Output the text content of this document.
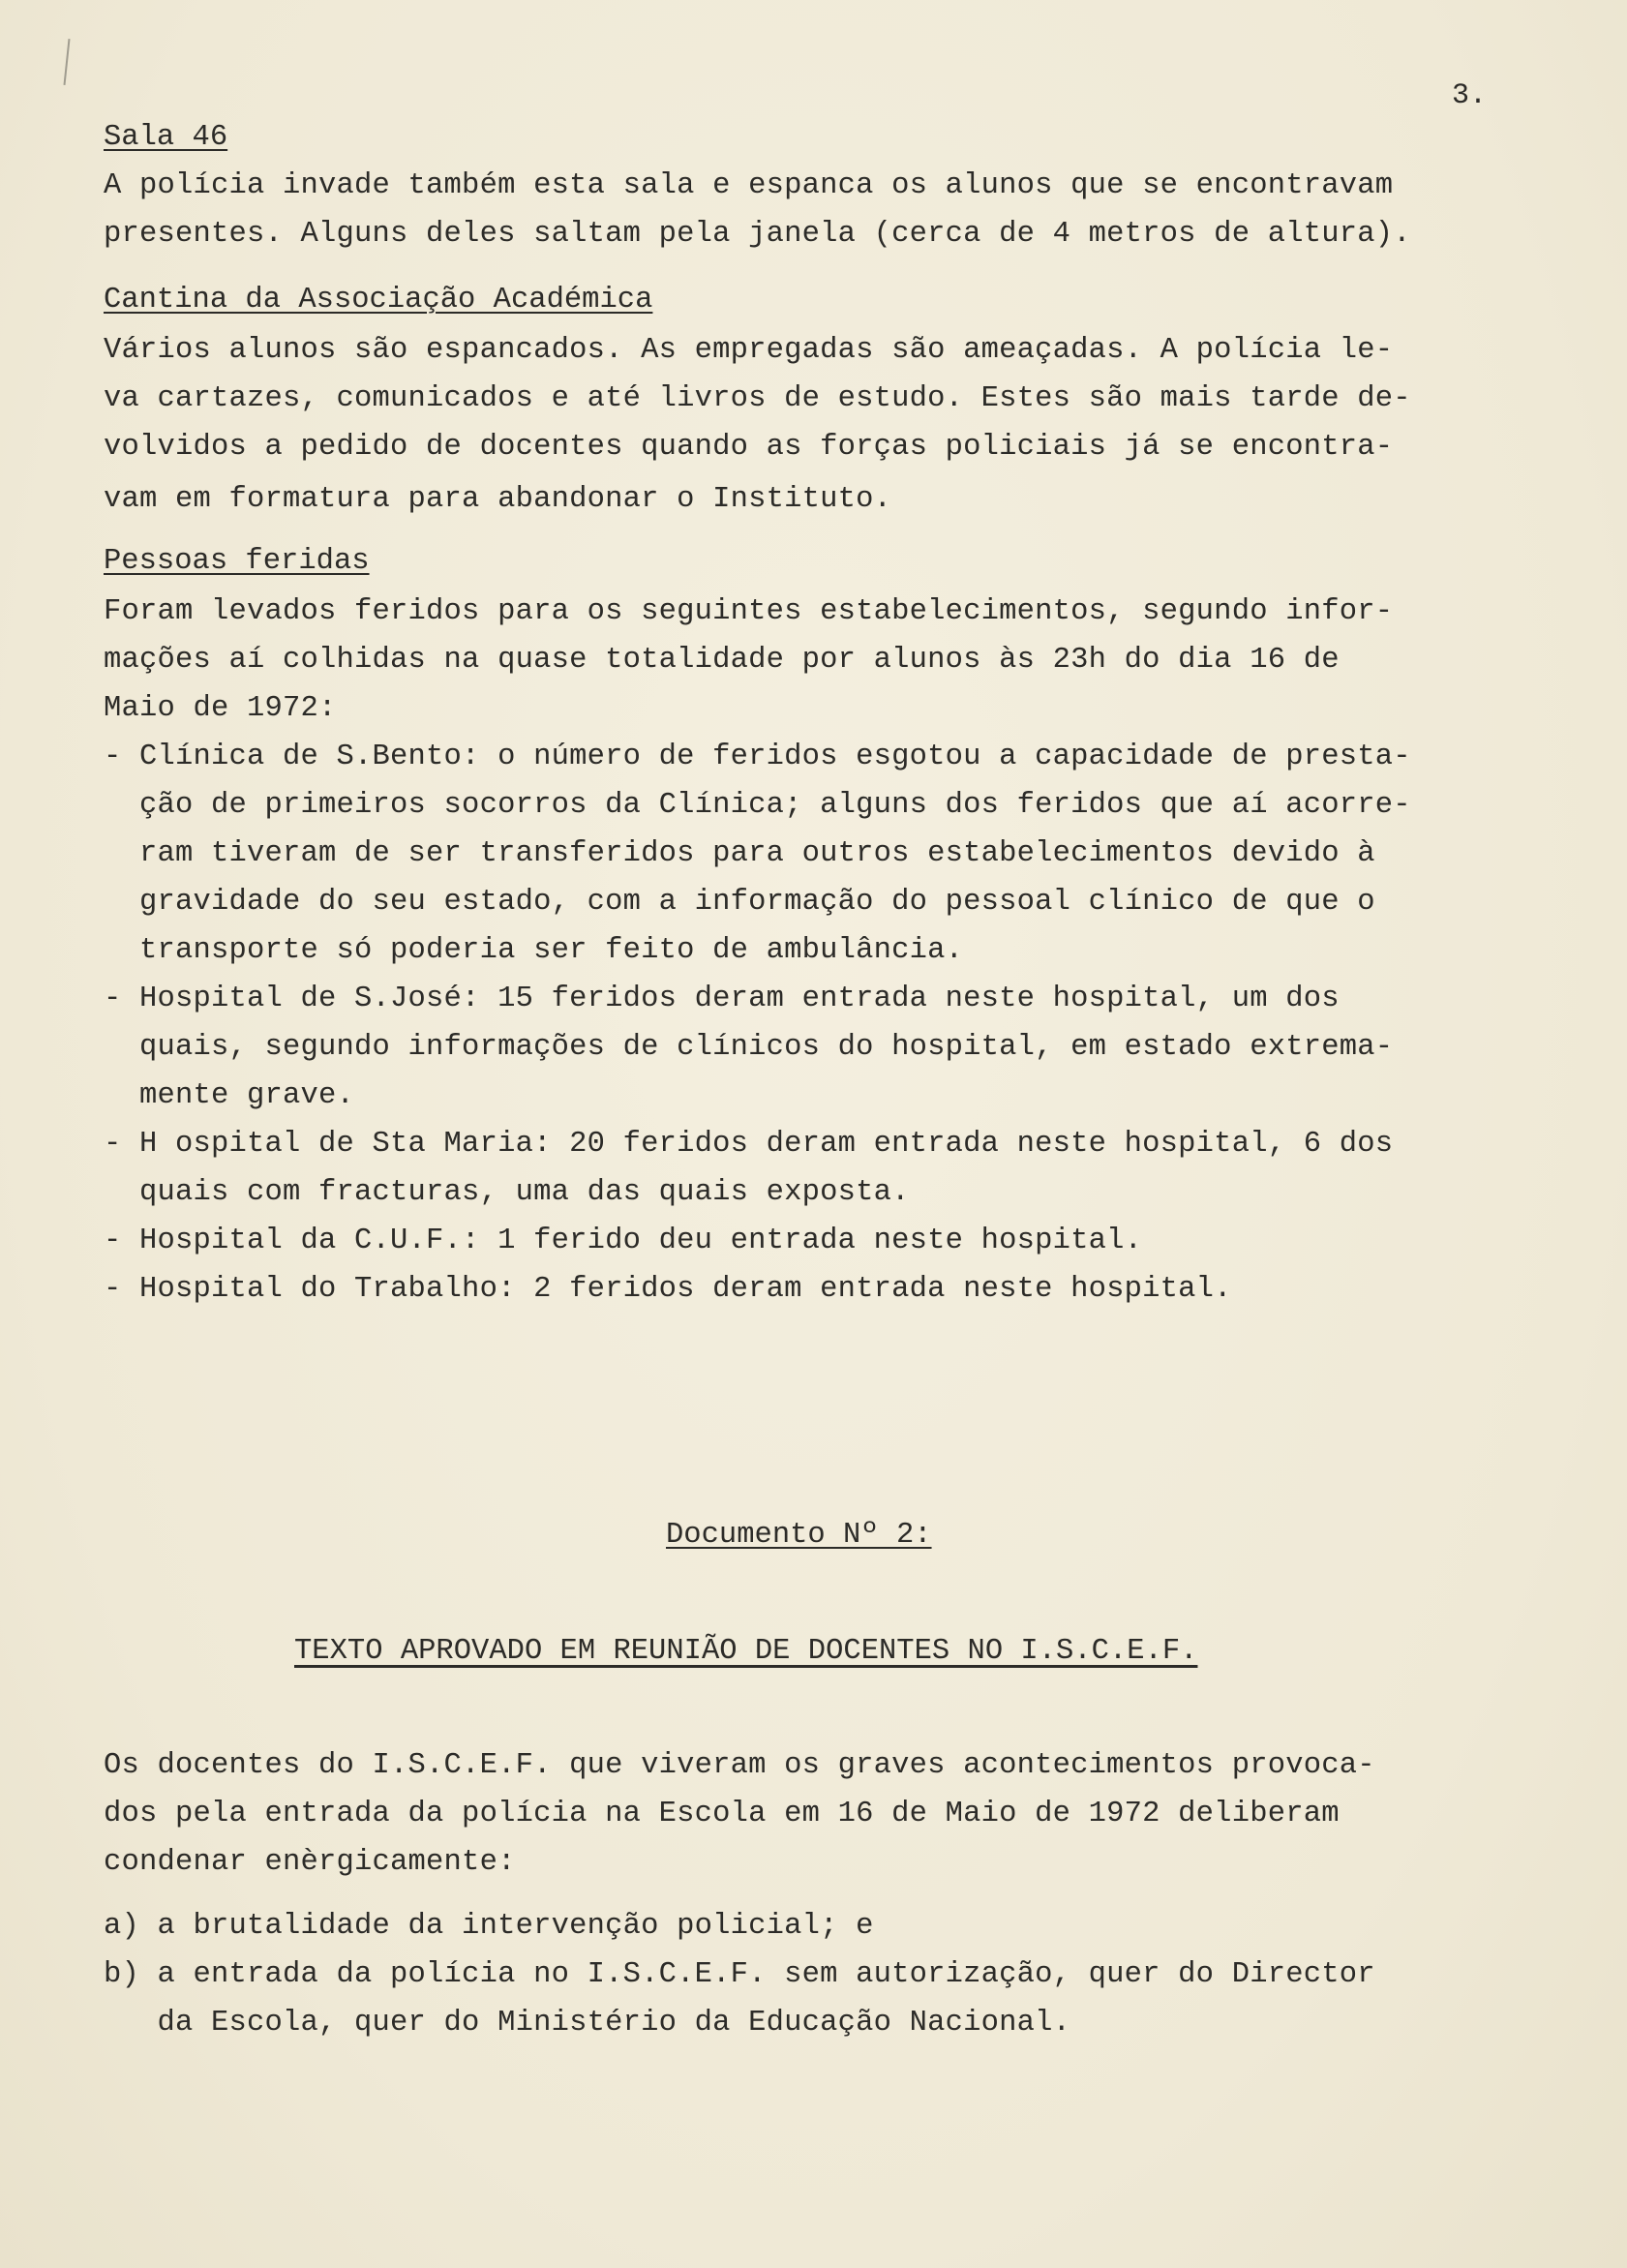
3.
Sala 46
A polícia invade também esta sala e espanca os alunos que se encontravam
presentes. Alguns deles saltam pela janela (cerca de 4 metros de altura).
Cantina da Associação Académica
Vários alunos são espancados. As empregadas são ameaçadas. A polícia le-
va cartazes, comunicados e até livros de estudo. Estes são mais tarde de-
volvidos a pedido de docentes quando as forças policiais já se encontra-
vam em formatura para abandonar o Instituto.
Pessoas feridas
Foram levados feridos para os seguintes estabelecimentos, segundo infor-
mações aí colhidas na quase totalidade por alunos às 23h do dia 16 de
Maio de 1972:
- Clínica de S.Bento: o número de feridos esgotou a capacidade de presta-
ção de primeiros socorros da Clínica; alguns dos feridos que aí acorre-
ram tiveram de ser transferidos para outros estabelecimentos devido à
gravidade do seu estado, com a informação do pessoal clínico de que o
transporte só poderia ser feito de ambulância.
- Hospital de S.José: 15 feridos deram entrada neste hospital, um dos
quais, segundo informações de clínicos do hospital, em estado extrema-
mente grave.
- H ospital de Sta Maria: 20 feridos deram entrada neste hospital, 6 dos
quais com fracturas, uma das quais exposta.
- Hospital da C.U.F.: 1 ferido deu entrada neste hospital.
- Hospital do Trabalho: 2 feridos deram entrada neste hospital.
Documento Nº 2:
TEXTO APROVADO EM REUNIÃO DE DOCENTES NO I.S.C.E.F.
Os docentes do I.S.C.E.F. que viveram os graves acontecimentos provoca-
dos pela entrada da polícia na Escola em 16 de Maio de 1972 deliberam
condenar enèrgicamente:
a) a brutalidade da intervenção policial; e
b) a entrada da polícia no I.S.C.E.F. sem autorização, quer do Director
da Escola, quer do Ministério da Educação Nacional.
